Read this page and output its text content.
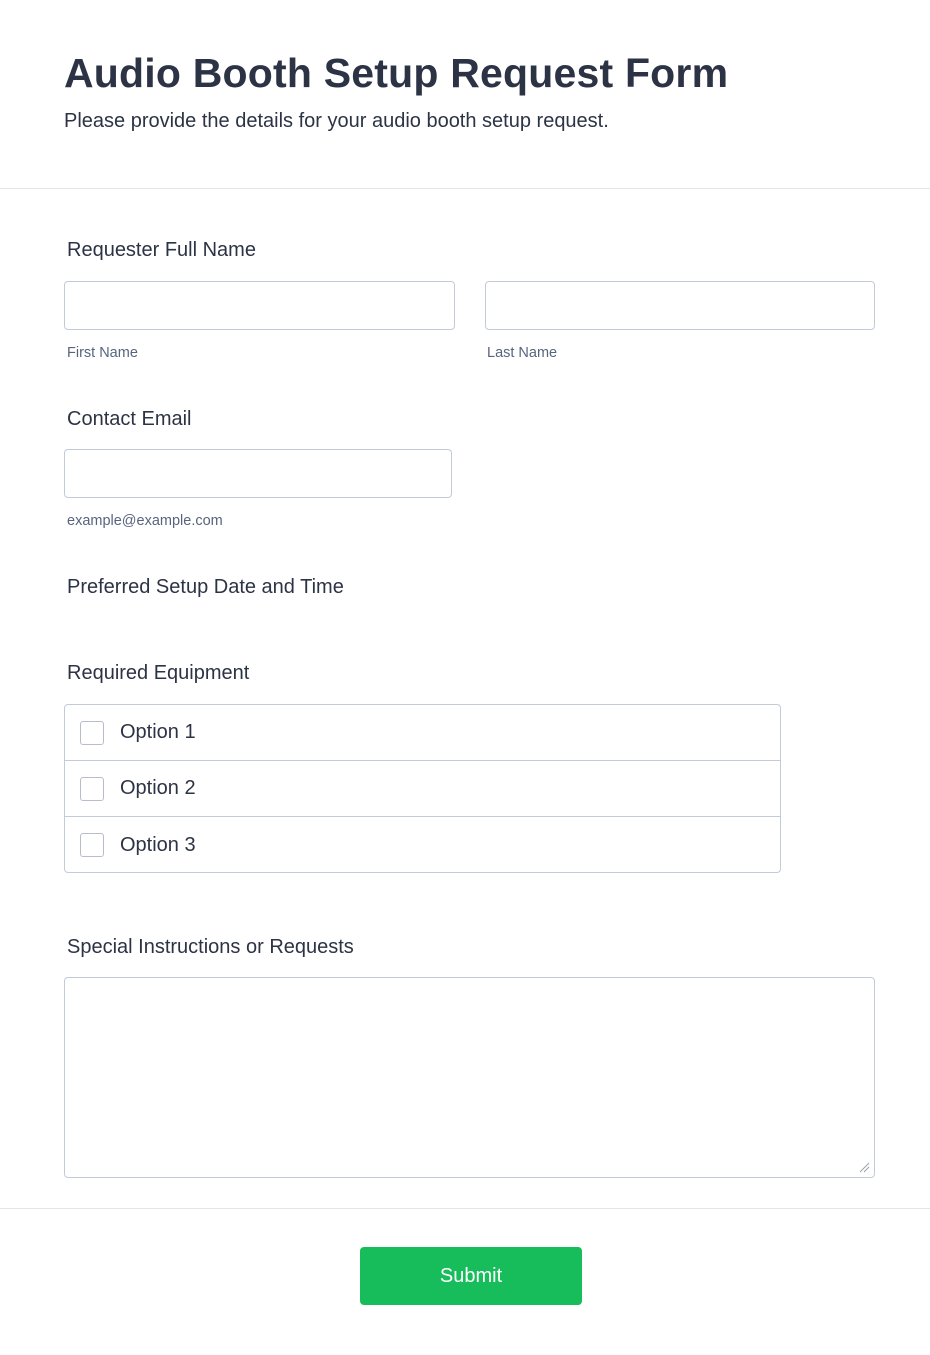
Audio Booth Setup Request Form

Please provide the details for your audio booth setup request.

Requester Full Name
First Name	Last Name
Contact Email
example@example.com
Preferred Setup Date and Time
Required Equipment
Option 1
Option 2
Option 3
Special Instructions or Requests
Submit
